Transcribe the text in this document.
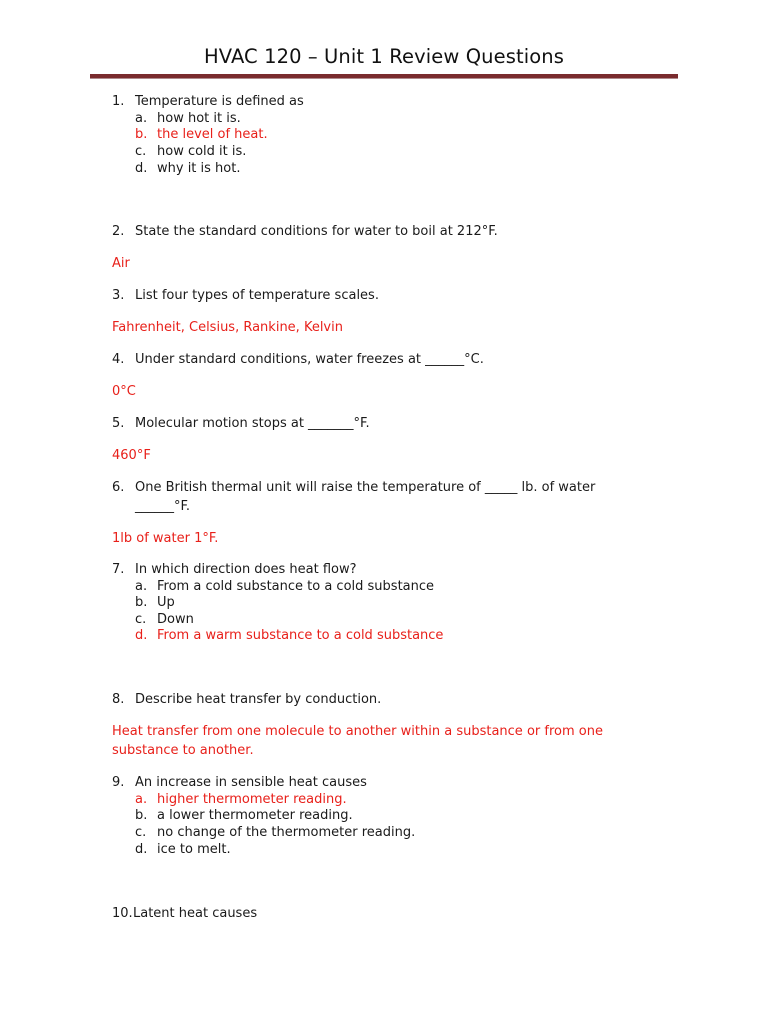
HVAC 120 – Unit 1 Review Questions
1. Temperature is defined as
a. how hot it is.
b. the level of heat.
c. how cold it is.
d. why it is hot.
2. State the standard conditions for water to boil at 212°F.
Air
3. List four types of temperature scales.
Fahrenheit, Celsius, Rankine, Kelvin
4. Under standard conditions, water freezes at ______°C.
0°C
5. Molecular motion stops at _______°F.
460°F
6. One British thermal unit will raise the temperature of _____ lb. of water
______°F.
1lb of water 1°F.
7. In which direction does heat flow?
a. From a cold substance to a cold substance
b. Up
c. Down
d. From a warm substance to a cold substance
8. Describe heat transfer by conduction.
Heat transfer from one molecule to another within a substance or from one
substance to another.
9. An increase in sensible heat causes
a. higher thermometer reading.
b. a lower thermometer reading.
c. no change of the thermometer reading.
d. ice to melt.
10. Latent heat causes
